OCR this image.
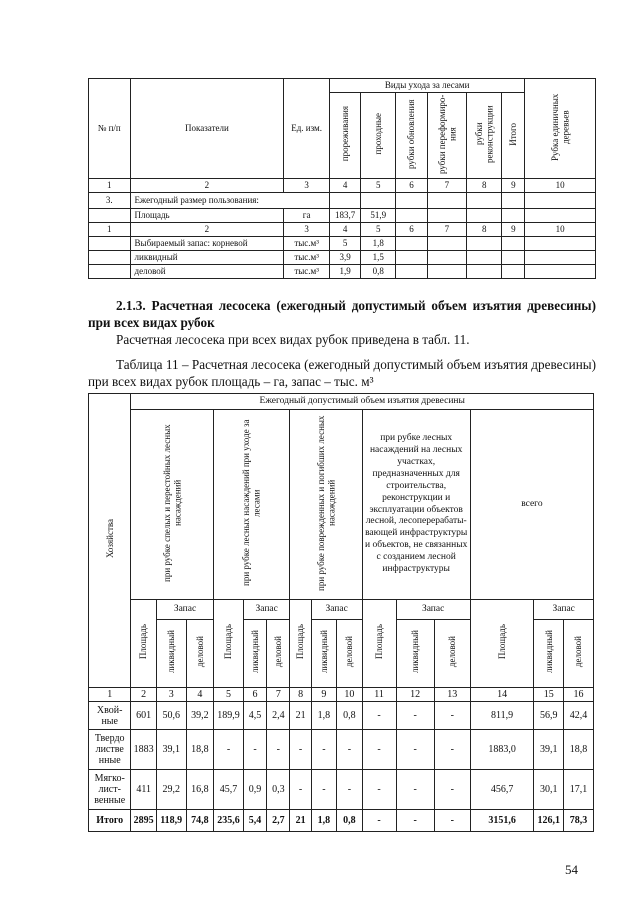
№ п/п	Показатели	Ед. изм.	Виды ухода за лесами						Рубка единичных деревьев
			прореживания	проходные	рубки обновления	рубки переформиро-ния	рубки реконструкции	Итого	
1	2	3	4	5	6	7	8	9	10
3.	Ежегодный размер пользования:								
	Площадь	га	183,7	51,9					
1	2	3	4	5	6	7	8	9	10
	Выбираемый запас: корневой	тыс.м³	5	1,8					
	ликвидный	тыс.м³	3,9	1,5					
	деловой	тыс.м³	1,9	0,8					
2.1.3. Расчетная лесосека (ежегодный допустимый объем изъятия древесины) при всех видах рубок
Расчетная лесосека при всех видах рубок приведена в табл. 11.
Таблица 11 – Расчетная лесосека (ежегодный допустимый объем изъятия древесины) при всех видах рубок площадь – га, запас – тыс. м³
Хозяйства	Ежегодный допустимый объем изъятия древесины														
	при рубке спелых и перестойных лесных насаждений			при рубке лесных насаждений при уходе за лесами			при рубке поврежденных и погибших лесных насаждений			при рубке лесных насаждений на лесных участках, предназначенных для строительства, реконструкции и эксплуатации объектов лесной, лесоперерабаты-вающей инфраструктуры и объектов, не связанных с созданием лесной инфраструктуры			всего		
	Площадь	Запас		Площадь	Запас		Площадь	Запас		Площадь	Запас		Площадь	Запас	
		ликвидный	деловой		ликвидный	деловой		ликвидный	деловой		ликвидный	деловой		ликвидный	деловой
1	2	3	4	5	6	7	8	9	10	11	12	13	14	15	16
Хвой-ные	601	50,6	39,2	189,9	4,5	2,4	21	1,8	0,8	-	-	-	811,9	56,9	42,4
Твердо листве нные	1883	39,1	18,8	-	-	-	-	-	-	-	-	-	1883,0	39,1	18,8
Мягко-лист-венные	411	29,2	16,8	45,7	0,9	0,3	-	-	-	-	-	-	456,7	30,1	17,1
Итого	2895	118,9	74,8	235,6	5,4	2,7	21	1,8	0,8	-	-	-	3151,6	126,1	78,3
54
